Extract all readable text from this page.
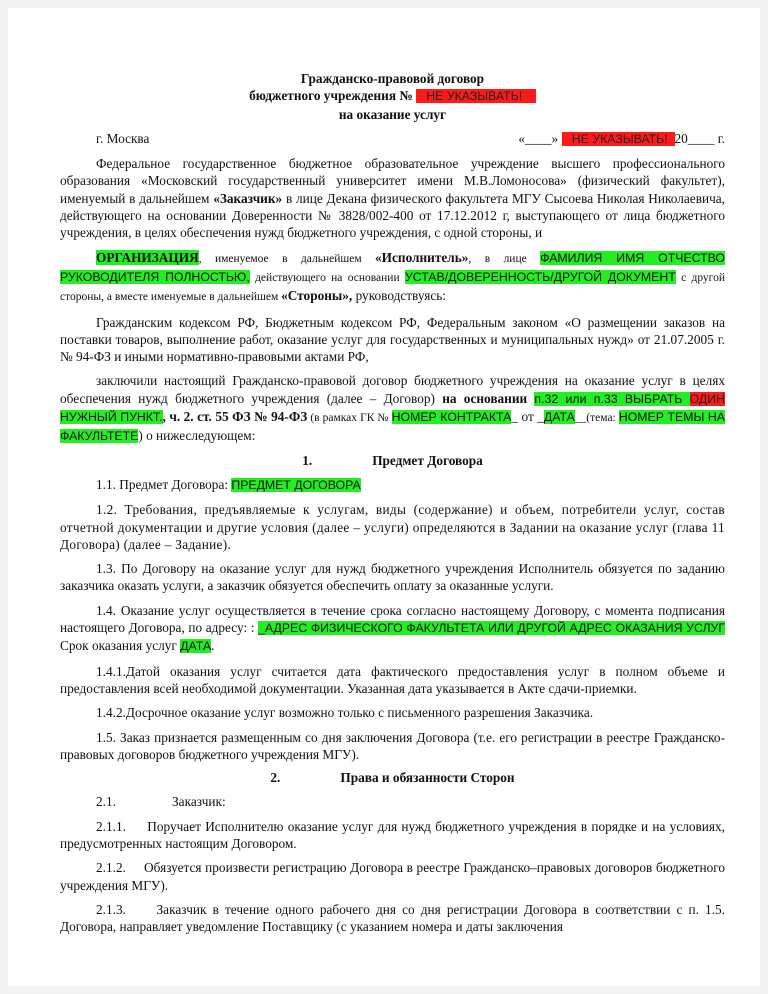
Гражданско-правовой договор
бюджетного учреждения №    НЕ УКАЗЫВАТЬ!
на оказание услуг
г. Москва	«____»    НЕ УКАЗЫВАТЬ!  20____ г.

Федеральное государственное бюджетное образовательное учреждение высшего профессионального образования «Московский государственный университет имени М.В.Ломоносова» (физический факультет), именуемый в дальнейшем «Заказчик» в лице Декана физического факультета МГУ Сысоева Николая Николаевича, действующего на основании Доверенности № 3828/002-400 от 17.12.2012 г, выступающего от лица бюджетного учреждения, в целях обеспечения нужд бюджетного учреждения, с одной стороны, и

ОРГАНИЗАЦИЯ, именуемое в дальнейшем «Исполнитель», в лице ФАМИЛИЯ ИМЯ ОТЧЕСТВО РУКОВОДИТЕЛЯ ПОЛНОСТЬЮ, действующего на основании УСТАВ/ДОВЕРЕННОСТЬ/ДРУГОЙ ДОКУМЕНТ с другой стороны, а вместе именуемые в дальнейшем «Стороны», руководствуясь:

Гражданским кодексом РФ, Бюджетным кодексом РФ, Федеральным законом «О размещении заказов на поставки товаров, выполнение работ, оказание услуг для государственных и муниципальных нужд» от 21.07.2005 г. № 94-ФЗ и иными нормативно-правовыми актами РФ,

заключили настоящий Гражданско-правовой договор бюджетного учреждения на оказание услуг в целях обеспечения нужд бюджетного учреждения (далее – Договор) на основании п.32 или п.33 ВЫБРАТЬ ОДИН НУЖНЫЙ ПУНКТ., ч. 2. ст. 55 ФЗ № 94-ФЗ (в рамках ГК № НОМЕР КОНТРАКТА_ от _ДАТА__(тема: НОМЕР ТЕМЫ НА ФАКУЛЬТЕТЕ) о нижеследующем:

1.	Предмет Договора

1.1. Предмет Договора: ПРЕДМЕТ ДОГОВОРА

1.2. Требования, предъявляемые к услугам, виды (содержание) и объем, потребители услуг, состав отчетной документации и другие условия (далее – услуги) определяются в Задании на оказание услуг (глава 11 Договора) (далее – Задание).

1.3. По Договору на оказание услуг для нужд бюджетного учреждения Исполнитель обязуется по заданию заказчика оказать услуги, а заказчик обязуется обеспечить оплату за оказанные услуги.

1.4. Оказание услуг осуществляется в течение срока согласно настоящему Договору, с момента подписания настоящего Договора, по адресу: : _АДРЕС ФИЗИЧЕСКОГО ФАКУЛЬТЕТА ИЛИ ДРУГОЙ АДРЕС ОКАЗАНИЯ УСЛУГ Срок оказания услуг ДАТА.

1.4.1.Датой оказания услуг считается дата фактического предоставления услуг в полном объеме и предоставления всей необходимой документации. Указанная дата указывается в Акте сдачи-приемки.

1.4.2.Досрочное оказание услуг возможно только с письменного разрешения Заказчика.

1.5. Заказ признается размещенным со дня заключения Договора (т.е. его регистрации в реестре Гражданско-правовых договоров бюджетного учреждения МГУ).

2.	Права и обязанности Сторон
2.1.	Заказчик:

2.1.1. Поручает Исполнителю оказание услуг для нужд бюджетного учреждения в порядке и на условиях, предусмотренных настоящим Договором.

2.1.2. Обязуется произвести регистрацию Договора в реестре Гражданско–правовых договоров бюджетного учреждения МГУ).

2.1.3. Заказчик в течение одного рабочего дня со дня регистрации Договора в соответствии с п. 1.5. Договора, направляет уведомление Поставщику (с указанием номера и даты заключения
